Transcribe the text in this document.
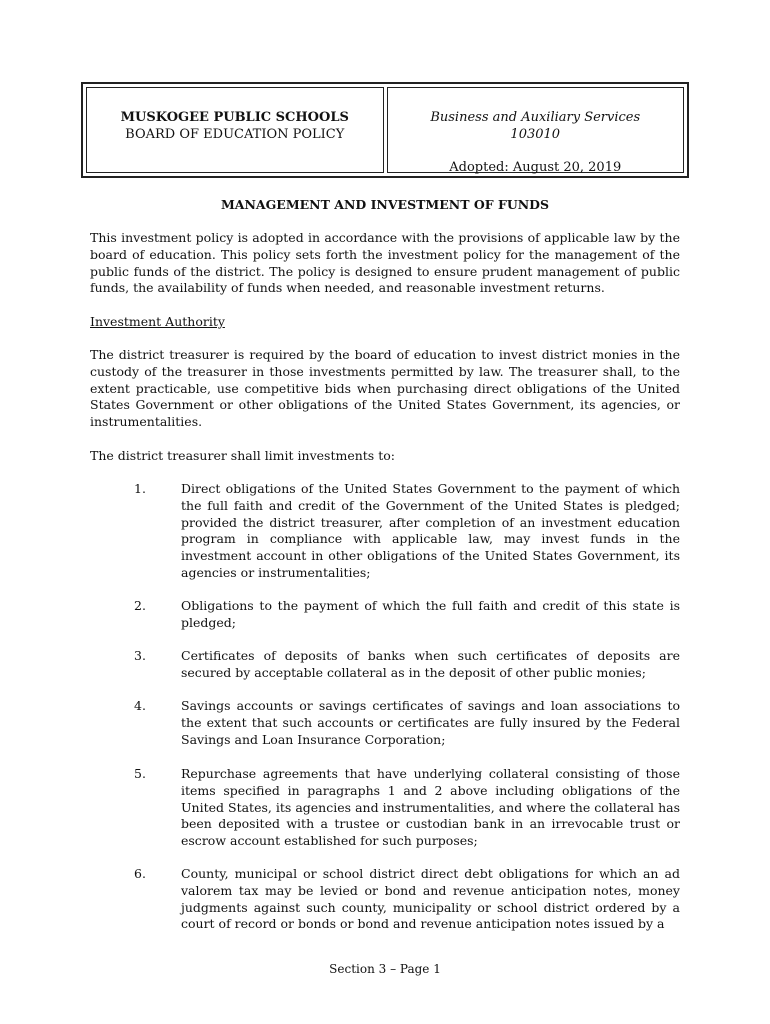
MUSKOGEE PUBLIC SCHOOLS
BOARD OF EDUCATION POLICY
Business and Auxiliary Services
103010
Adopted: August 20, 2019
MANAGEMENT AND INVESTMENT OF FUNDS

This investment policy is adopted in accordance with the provisions of applicable law by the board of education. This policy sets forth the investment policy for the management of the public funds of the district. The policy is designed to ensure prudent management of public funds, the availability of funds when needed, and reasonable investment returns.

Investment Authority

The district treasurer is required by the board of education to invest district monies in the custody of the treasurer in those investments permitted by law. The treasurer shall, to the extent practicable, use competitive bids when purchasing direct obligations of the United States Government or other obligations of the United States Government, its agencies, or instrumentalities.

The district treasurer shall limit investments to:

1.	Direct obligations of the United States Government to the payment of which the full faith and credit of the Government of the United States is pledged; provided the district treasurer, after completion of an investment education program in compliance with applicable law, may invest funds in the investment account in other obligations of the United States Government, its agencies or instrumentalities;
2.	Obligations to the payment of which the full faith and credit of this state is pledged;
3.	Certificates of deposits of banks when such certificates of deposits are secured by acceptable collateral as in the deposit of other public monies;
4.	Savings accounts or savings certificates of savings and loan associations to the extent that such accounts or certificates are fully insured by the Federal Savings and Loan Insurance Corporation;
5.	Repurchase agreements that have underlying collateral consisting of those items specified in paragraphs 1 and 2 above including obligations of the United States, its agencies and instrumentalities, and where the collateral has been deposited with a trustee or custodian bank in an irrevocable trust or escrow account established for such purposes;
6.	County, municipal or school district direct debt obligations for which an ad valorem tax may be levied or bond and revenue anticipation notes, money judgments against such county, municipality or school district ordered by a court of record or bonds or bond and revenue anticipation notes issued by a
Section 3 – Page 1
